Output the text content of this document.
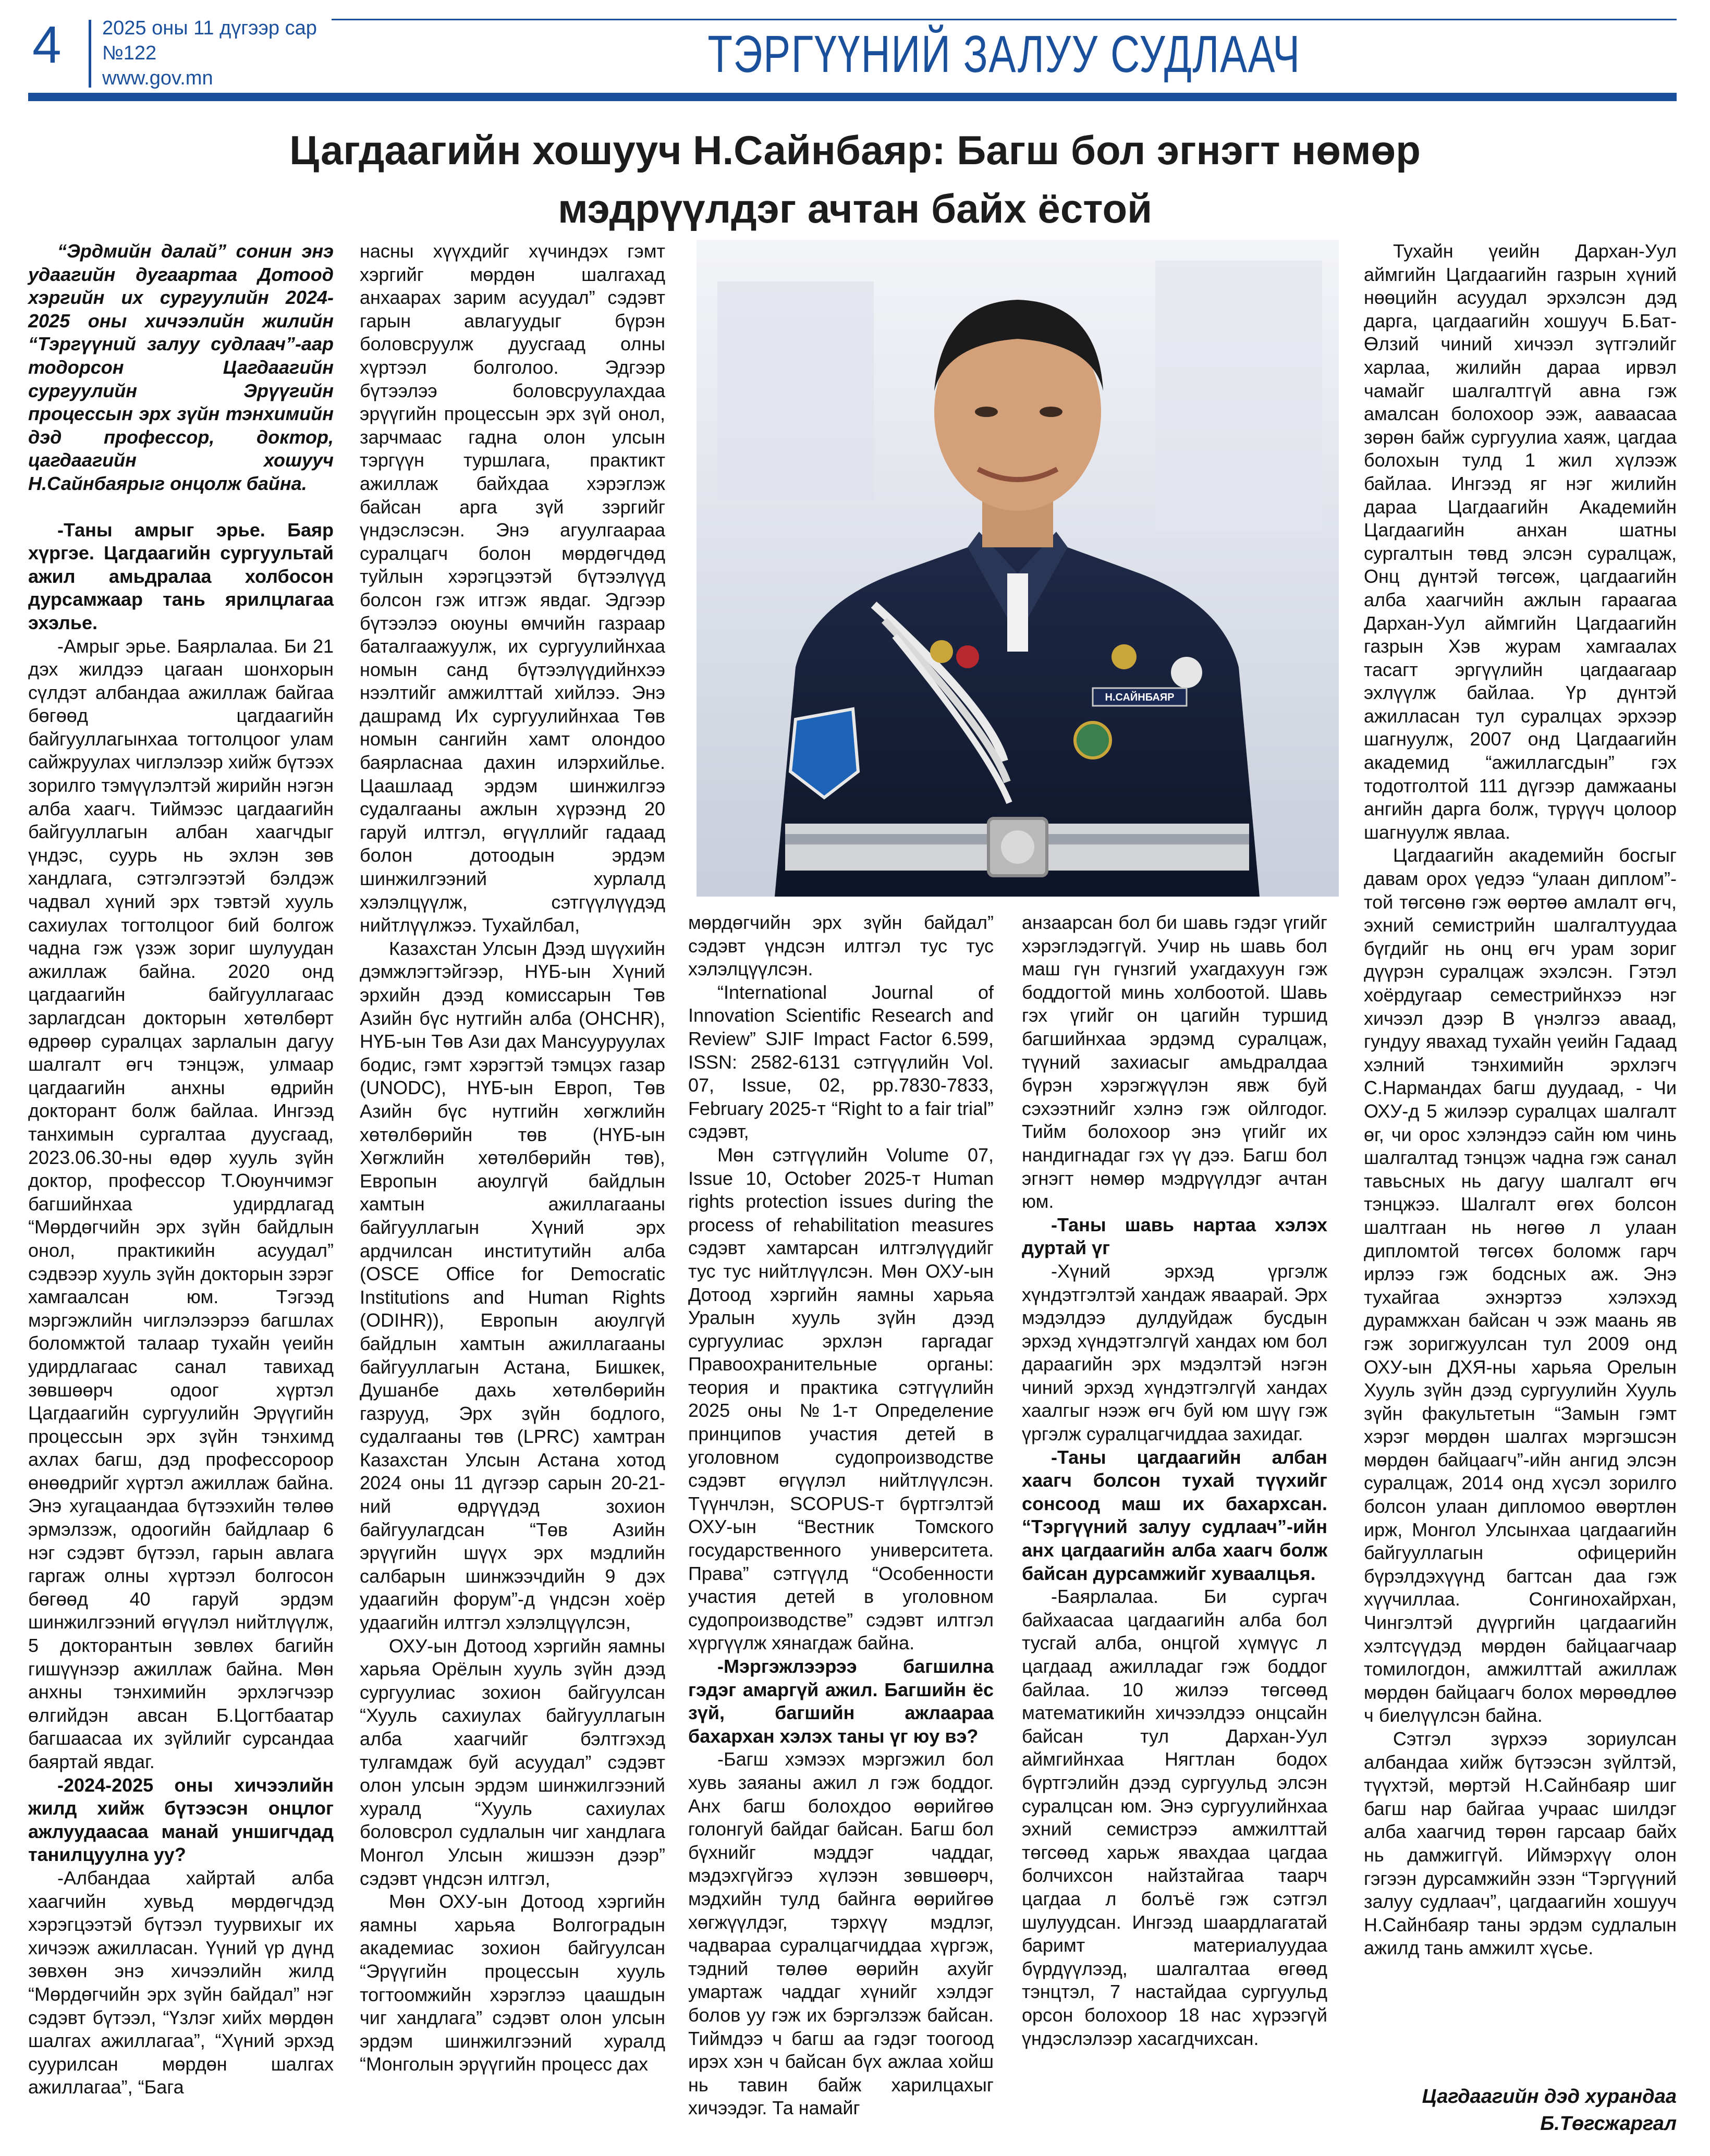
4 2025 оны 11 дүгээр сар
№122
www.gov.mn	ТЭРГҮҮНИЙ ЗАЛУУ СУДЛААЧ
Цагдаагийн хошууч Н.Сайнбаяр: Багш бол эгнэгт нөмөр
мэдрүүлдэг ачтан байх ёстой
Н.САЙНБАЯР

“Эрдмийн далай” сонин энэ удаагийн дугаартаа Дотоод хэргийн их сургуулийн 2024-2025 оны хичээлийн жилийн “Тэргүүний залуу судлаач”-аар тодорсон Цагдаагийн сургуулийн Эрүүгийн процессын эрх зүйн тэнхимийн дэд профессор, доктор, цагдаагийн хошууч Н.Сайнбаярыг онцолж байна.

-Таны амрыг эрье. Баяр хүргэе. Цагдаагийн сургуультай ажил амьдралаа холбосон дурсамжаар тань ярилцлагаа эхэлье.

-Амрыг эрье. Баярлалаа. Би 21 дэх жилдээ цагаан шонхорын сүлдэт албандаа ажиллаж байгаа бөгөөд цагдаагийн байгууллагынхаа тогтолцоог улам сайжруулах чиглэлээр хийж бүтээх зорилго тэмүүлэлтэй жирийн нэгэн алба хаагч. Тиймээс цагдаагийн байгууллагын албан хаагчдыг үндэс, суурь нь эхлэн зөв хандлага, сэтгэлгээтэй бэлдэж чадвал хүний эрх тэвтэй хууль сахиулах тогтолцоог бий болгож чадна гэж үзэж зориг шулуудан ажиллаж байна. 2020 онд цагдаагийн байгууллагаас зарлагдсан докторын хөтөлбөрт өдрөөр суралцах зарлалын дагуу шалгалт өгч тэнцэж, улмаар цагдаагийн анхны өдрийн докторант болж байлаа. Ингээд танхимын сургалтаа дуусгаад, 2023.06.30-ны өдөр хууль зүйн доктор, профессор Т.Оюунчимэг багшийнхаа удирдлагад “Мөрдөгчийн эрх зүйн байдлын онол, практикийн асуудал” сэдвээр хууль зүйн докторын зэрэг хамгаалсан юм. Тэгээд мэргэжлийн чиглэлээрээ багшлах боломжтой талаар тухайн үеийн удирдлагаас санал тавихад зөвшөөрч одоог хүртэл Цагдаагийн сургуулийн Эрүүгийн процессын эрх зүйн тэнхимд ахлах багш, дэд профессороор өнөөдрийг хүртэл ажиллаж байна. Энэ хугацаандаа бүтээхийн төлөө эрмэлзэж, одоогийн байдлаар 6 нэг сэдэвт бүтээл, гарын авлага гаргаж олны хүртээл болгосон бөгөөд 40 гаруй эрдэм шинжилгээний өгүүлэл нийтлүүлж, 5 докторантын зөвлөх багийн гишүүнээр ажиллаж байна. Мөн анхны тэнхимийн эрхлэгчээр өлгийдэн авсан Б.Цогтбаатар багшаасаа их зүйлийг сурсандаа баяртай явдаг.

-2024-2025 оны хичээлийн жилд хийж бүтээсэн онцлог ажлуудаасаа манай уншигчдад танилцуулна уу?

-Албандаа хайртай алба хаагчийн хувьд мөрдөгчдэд хэрэгцээтэй бүтээл туурвихыг их хичээж ажилласан. Үүний үр дүнд зөвхөн энэ хичээлийн жилд “Мөрдөгчийн эрх зүйн байдал” нэг сэдэвт бүтээл, “Үзлэг хийх мөрдөн шалгах ажиллагаа”, “Хүний эрхэд суурилсан мөрдөн шалгах ажиллагаа”, “Бага

насны хүүхдийг хүчиндэх гэмт хэргийг мөрдөн шалгахад анхаарах зарим асуудал” сэдэвт гарын авлагуудыг бүрэн боловсруулж дуусгаад олны хүртээл болголоо. Эдгээр бүтээлээ боловсруулахдаа эрүүгийн процессын эрх зүй онол, зарчмаас гадна олон улсын тэргүүн туршлага, практикт ажиллаж байхдаа хэрэглэж байсан арга зүй зэргийг үндэслэсэн. Энэ агуулгаараа суралцагч болон мөрдөгчдөд туйлын хэрэгцээтэй бүтээлүүд болсон гэж итгэж явдаг. Эдгээр бүтээлээ оюуны өмчийн газраар баталгаажуулж, их сургуулийнхаа номын санд бүтээлүүдийнхээ нээлтийг амжилттай хийлээ. Энэ дашрамд Их сургуулийнхаа Төв номын сангийн хамт олондоо баярласнаа дахин илэрхийлье. Цаашлаад эрдэм шинжилгээ судалгааны ажлын хүрээнд 20 гаруй илтгэл, өгүүллийг гадаад болон дотоодын эрдэм шинжилгээний хурлалд хэлэлцүүлж, сэтгүүлүүдэд нийтлүүлжээ. Тухайлбал,

Казахстан Улсын Дээд шүүхийн дэмжлэгтэйгээр, НҮБ-ын Хүний эрхийн дээд комиссарын Төв Азийн бүс нутгийн алба (OHCHR), НҮБ-ын Төв Ази дах Мансууруулах бодис, гэмт хэрэгтэй тэмцэх газар (UNODC), НҮБ-ын Европ, Төв Азийн бүс нутгийн хөгжлийн хөтөлбөрийн төв (НҮБ-ын Хөгжлийн хөтөлбөрийн төв), Европын аюулгүй байдлын хамтын ажиллагааны байгууллагын Хүний эрх ардчилсан институтийн алба (OSCE Office for Democratic Institutions and Human Rights (ODIHR)), Европын аюулгүй байдлын хамтын ажиллагааны байгууллагын Астана, Бишкек, Душанбе дахь хөтөлбөрийн газрууд, Эрх зүйн бодлого, судалгааны төв (LPRC) хамтран Казахстан Улсын Астана хотод 2024 оны 11 дүгээр сарын 20-21-ний өдрүүдэд зохион байгуулагдсан “Төв Азийн эрүүгийн шүүх эрх мэдлийн салбарын шинжээчдийн 9 дэх удаагийн форум”-д үндсэн хоёр удаагийн илтгэл хэлэлцүүлсэн,

ОХУ-ын Дотоод хэргийн яамны харьяа Орёлын хууль зүйн дээд сургуулиас зохион байгуулсан “Хууль сахиулах байгууллагын алба хаагчийг бэлтгэхэд тулгамдаж буй асуудал” сэдэвт олон улсын эрдэм шинжилгээний хуралд “Хууль сахиулах боловсрол судлалын чиг хандлага Монгол Улсын жишээн дээр” сэдэвт үндсэн илтгэл,

Мөн ОХУ-ын Дотоод хэргийн яамны харьяа Волгоградын академиас зохион байгуулсан “Эрүүгийн процессын хууль тогтоомжийн хэрэглээ цаашдын чиг хандлага” сэдэвт олон улсын эрдэм шинжилгээний хуралд “Монголын эрүүгийн процесс дах

мөрдөгчийн эрх зүйн байдал” сэдэвт үндсэн илтгэл тус тус хэлэлцүүлсэн.

“International Journal of Innovation Scientific Research and Review” SJIF Impact Factor 6.599, ISSN: 2582-6131 сэтгүүлийн Vol. 07, Issue, 02, pp.7830-7833, February 2025-т “Right to a fair trial” сэдэвт,

Мөн сэтгүүлийн Volume 07, Issue 10, October 2025-т Human rights protection issues during the process of rehabilitation measures сэдэвт хамтарсан илтгэлүүдийг тус тус нийтлүүлсэн. Мөн ОХУ-ын Дотоод хэргийн яамны харьяа Уралын хууль зүйн дээд сургуулиас эрхлэн гаргадаг Правоохранительные органы: теория и практика сэтгүүлийн 2025 оны №1-т Определение принципов участия детей в уголовном судопроизводстве сэдэвт өгүүлэл нийтлүүлсэн. Түүнчлэн, SCOPUS-т бүртгэлтэй ОХУ-ын “Вестник Томского государственного университета. Права” сэтгүүлд “Особенности участия детей в уголовном судопроизводстве” сэдэвт илтгэл хүргүүлж хянагдаж байна.

-Мэргэжлээрээ багшилна гэдэг амаргүй ажил. Багшийн ёс зүй, багшийн ажлаараа бахархан хэлэх таны үг юу вэ?

-Багш хэмээх мэргэжил бол хувь заяаны ажил л гэж боддог. Анх багш болохдоо өөрийгөө голонгуй байдаг байсан. Багш бол бүхнийг мэддэг чаддаг, мэдэхгүйгээ хүлээн зөвшөөрч, мэдхийн тулд байнга өөрийгөө хөгжүүлдэг, тэрхүү мэдлэг, чадвараа суралцагчиддаа хүргэж, тэдний төлөө өөрийн ахуйг умартаж чаддаг хүнийг хэлдэг болов уу гэж их бэргэлзэж байсан. Тиймдээ ч багш аа гэдэг тоогоод ирэх хэн ч байсан бүх ажлаа хойш нь тавин байж харилцахыг хичээдэг. Та намайг

анзаарсан бол би шавь гэдэг үгийг хэрэглэдэггүй. Учир нь шавь бол маш гүн гүнзгий ухагдахуун гэж боддогтой минь холбоотой. Шавь гэх үгийг он цагийн туршид багшийнхаа эрдэмд суралцаж, түүний захиасыг амьдралдаа бүрэн хэрэгжүүлэн явж буй сэхээтнийг хэлнэ гэж ойлгодог. Тийм болохоор энэ үгийг их нандигнадаг гэх үү дээ. Багш бол эгнэгт нөмөр мэдрүүлдэг ачтан юм.

-Таны шавь нартаа хэлэх дуртай үг

-Хүний эрхэд үргэлж хүндэтгэлтэй хандаж яваарай. Эрх мэдэлдээ дулдуйдаж бусдын эрхэд хүндэтгэлгүй хандах юм бол дараагийн эрх мэдэлтэй нэгэн чиний эрхэд хүндэтгэлгүй хандах хаалгыг нээж өгч буй юм шүү гэж үргэлж суралцагчиддаа захидаг.

-Таны цагдаагийн албан хаагч болсон тухай түүхийг сонсоод маш их бахархсан. “Тэргүүний залуу судлаач”-ийн анх цагдаагийн алба хаагч болж байсан дурсамжийг хуваалцья.

-Баярлалаа. Би сургач байхаасаа цагдаагийн алба бол тусгай алба, онцгой хүмүүс л цагдаад ажилладаг гэж боддог байлаа. 10 жилээ төгсөөд математикийн хичээлдээ онцсайн байсан тул Дархан-Уул аймгийнхаа Нягтлан бодох бүртгэлийн дээд сургуульд элсэн суралцсан юм. Энэ сургуулийнхаа эхний семистрээ амжилттай төгсөөд харьж явахдаа цагдаа болчихсон найзтайгаа таарч цагдаа л болъё гэж сэтгэл шулуудсан. Ингээд шаардлагатай баримт материалуудаа бүрдүүлээд, шалгалтаа өгөөд тэнцтэл, 7 настайдаа сургуульд орсон болохоор 18 нас хүрээгүй үндэслэлээр хасагдчихсан.

Тухайн үеийн Дархан-Уул аймгийн Цагдаагийн газрын хүний нөөцийн асуудал эрхэлсэн дэд дарга, цагдаагийн хошууч Б.Бат-Өлзий чиний хичээл зүтгэлийг харлаа, жилийн дараа ирвэл чамайг шалгалтгүй авна гэж амалсан болохоор ээж, ааваасаа зөрөн байж сургуулиа хаяж, цагдаа болохын тулд 1 жил хүлээж байлаа. Ингээд яг нэг жилийн дараа Цагдаагийн Академийн Цагдаагийн анхан шатны сургалтын төвд элсэн суралцаж, Онц дүнтэй төгсөж, цагдаагийн алба хаагчийн ажлын гараагаа Дархан-Уул аймгийн Цагдаагийн газрын Хэв журам хамгаалах тасагт эргүүлийн цагдаагаар эхлүүлж байлаа. Үр дүнтэй ажилласан тул суралцах эрхээр шагнуулж, 2007 онд Цагдаагийн академид “ажиллагсдын” гэх тодотголтой 111 дүгээр дамжааны ангийн дарга болж, түрүүч цолоор шагнуулж явлаа.

Цагдаагийн академийн босгыг давам орох үедээ “улаан диплом”-той төгсөнө гэж өөртөө амлалт өгч, эхний семистрийн шалгалтуудаа бүгдийг нь онц өгч урам зориг дүүрэн суралцаж эхэлсэн. Гэтэл хоёрдугаар семестрийнхээ нэг хичээл дээр В үнэлгээ аваад, гундуу явахад тухайн үеийн Гадаад хэлний тэнхимийн эрхлэгч С.Нармандах багш дуудаад, - Чи ОХУ-д 5 жилээр суралцах шалгалт өг, чи орос хэлэндээ сайн юм чинь шалгалтад тэнцэж чадна гэж санал тавьсных нь дагуу шалгалт өгч тэнцжээ. Шалгалт өгөх болсон шалтгаан нь нөгөө л улаан дипломтой төгсөх боломж гарч ирлээ гэж бодсных аж. Энэ тухайгаа эхнэртээ хэлэхэд дурамжхан байсан ч ээж маань яв гэж зоригжуулсан тул 2009 онд ОХУ-ын ДХЯ-ны харьяа Орелын Хууль зүйн дээд сургуулийн Хууль зүйн факультетын “Замын гэмт хэрэг мөрдөн шалгах мэргэшсэн мөрдөн байцаагч”-ийн ангид элсэн суралцаж, 2014 онд хүсэл зорилго болсон улаан дипломоо өвөртлөн ирж, Монгол Улсынхаа цагдаагийн байгууллагын офицерийн бүрэлдэхүүнд багтсан даа гэж хүүчиллаа. Сонгинохайрхан, Чингэлтэй дүүргийн цагдаагийн хэлтсүүдэд мөрдөн байцаагчаар томилогдон, амжилттай ажиллаж мөрдөн байцаагч болох мөрөөдлөө ч биелүүлсэн байна.

Сэтгэл зүрхээ зориулсан албандаа хийж бүтээсэн зүйлтэй, түүхтэй, мөртэй Н.Сайнбаяр шиг багш нар байгаа учраас шилдэг алба хаагчид төрөн гарсаар байх нь дамжиггүй. Иймэрхүү олон гэгээн дурсамжийн эзэн “Тэргүүний залуу судлаач”, цагдаагийн хошууч Н.Сайнбаяр таны эрдэм судлалын ажилд тань амжилт хүсье.

Цагдаагийн дэд хурандаа
Б.Төгсжаргал
